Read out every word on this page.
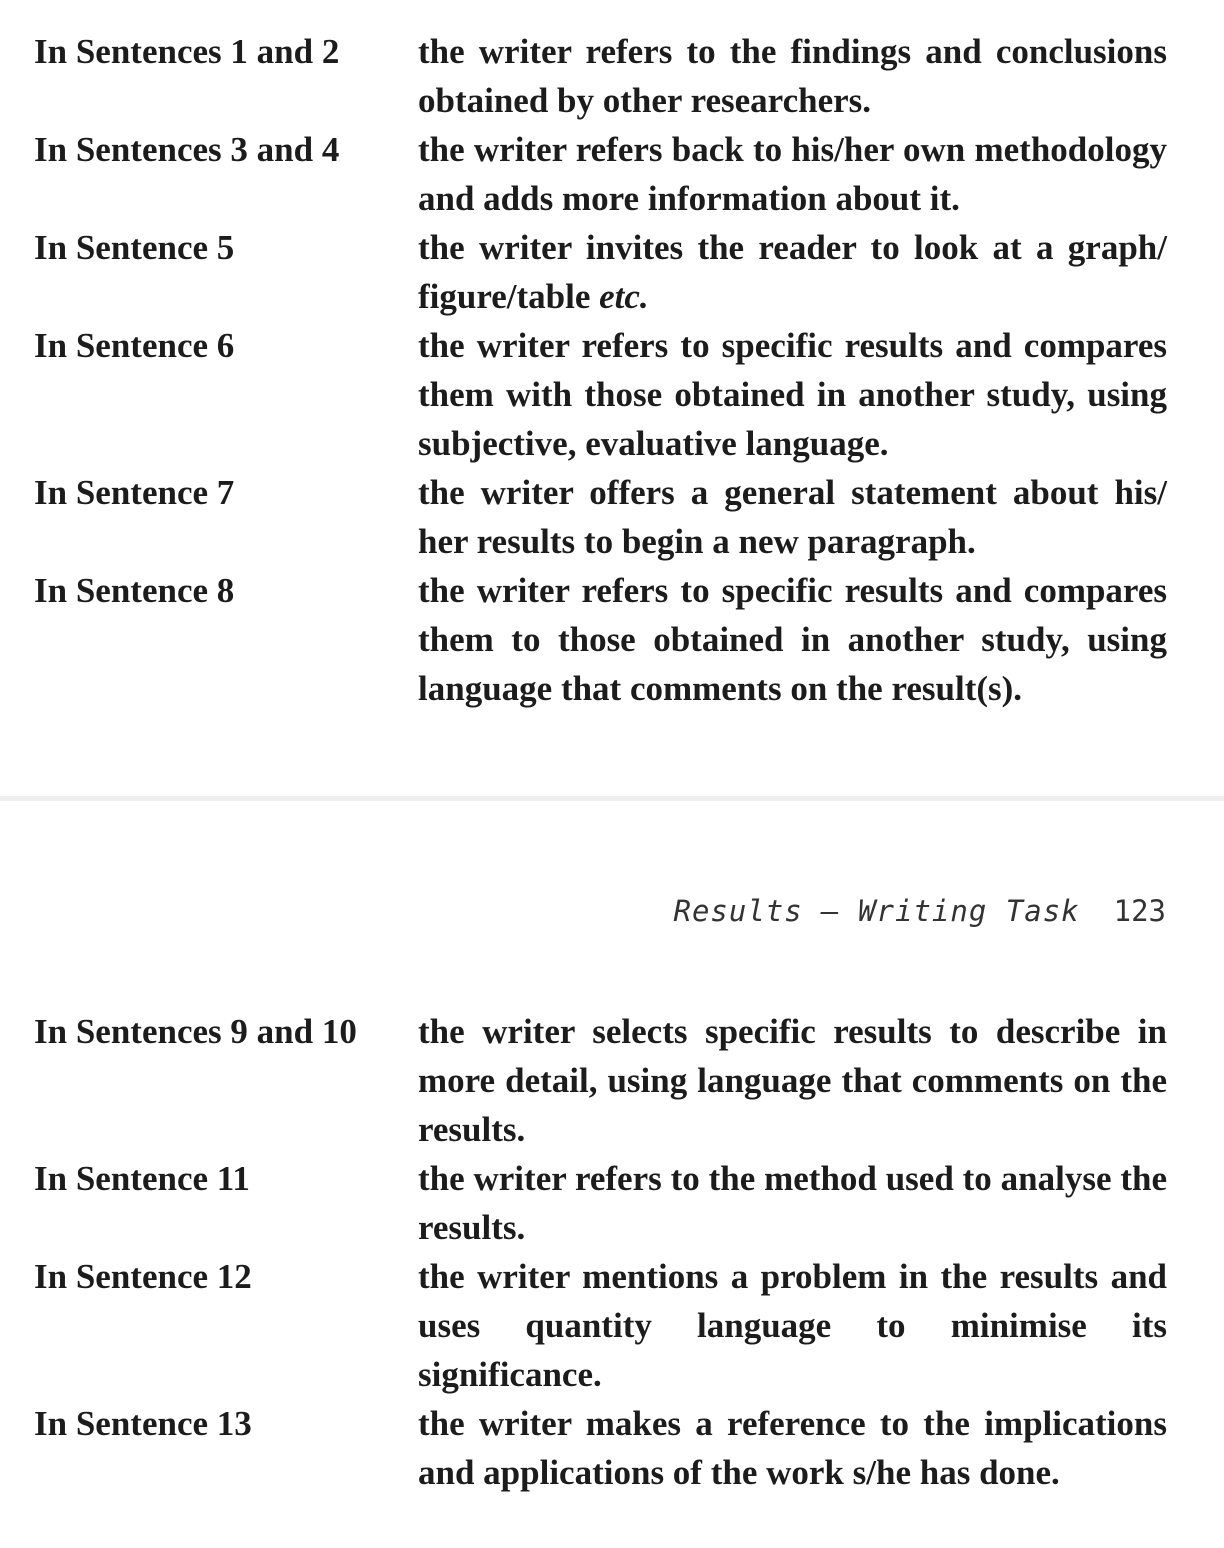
In Sentences 1 and 2	the writer refers to the findings and conclusions obtained by other researchers.
In Sentences 3 and 4	the writer refers back to his/her own methodology and adds more information about it.
In Sentence 5	the writer invites the reader to look at a graph/ figure/table etc.
In Sentence 6	the writer refers to specific results and compares them with those obtained in another study, using subjective, evaluative language.
In Sentence 7	the writer offers a general statement about his/ her results to begin a new paragraph.
In Sentence 8	the writer refers to specific results and compares them to those obtained in another study, using language that comments on the result(s).
Results — Writing Task 123
In Sentences 9 and 10	the writer selects specific results to describe in more detail, using language that comments on the results.
In Sentence 11	the writer refers to the method used to analyse the results.
In Sentence 12	the writer mentions a problem in the results and uses quantity language to minimise its significance.
In Sentence 13	the writer makes a reference to the implications and applications of the work s/he has done.
